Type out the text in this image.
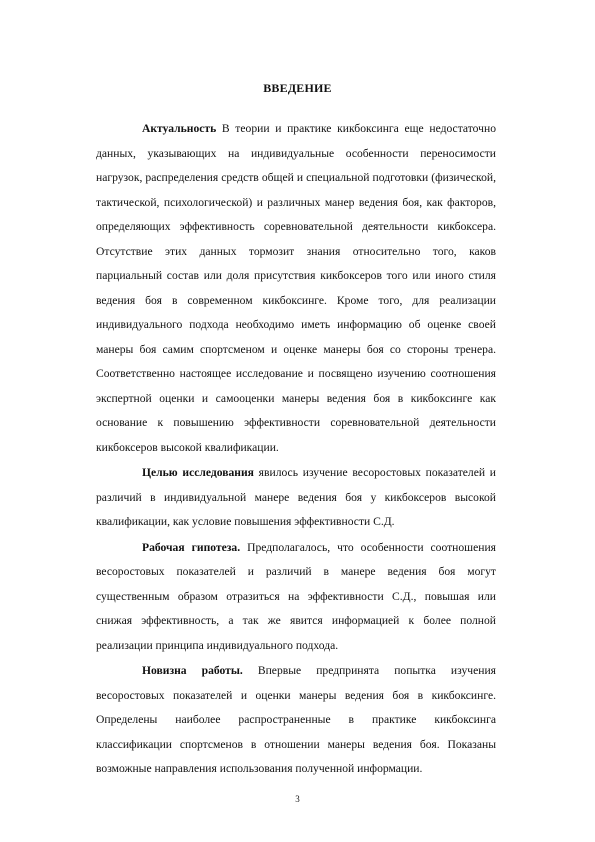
ВВЕДЕНИЕ

Актуальность В теории и практике кикбоксинга еще недостаточно данных, указывающих на индивидуальные особенности переносимости нагрузок, распределения средств общей и специальной подготовки (физической, тактической, психологической) и различных манер ведения боя, как факторов, определяющих эффективность соревновательной деятельности кикбоксера. Отсутствие этих данных тормозит знания относительно того, каков парциальный состав или доля присутствия кикбоксеров того или иного стиля ведения боя в современном кикбоксинге. Кроме того, для реализации индивидуального подхода необходимо иметь информацию об оценке своей манеры боя самим спортсменом и оценке манеры боя со стороны тренера. Соответственно настоящее исследование и посвящено изучению соотношения экспертной оценки и самооценки манеры ведения боя в кикбоксинге как основание к повышению эффективности соревновательной деятельности кикбоксеров высокой квалификации.

Целью исследования явилось изучение весоростовых показателей и различий в индивидуальной манере ведения боя у кикбоксеров высокой квалификации, как условие повышения эффективности С.Д.

Рабочая гипотеза. Предполагалось, что особенности соотношения весоростовых показателей и различий в манере ведения боя могут существенным образом отразиться на эффективности С.Д., повышая или снижая эффективность, а так же явится информацией к более полной реализации принципа индивидуального подхода.

Новизна работы. Впервые предпринята попытка изучения весоростовых показателей и оценки манеры ведения боя в кикбоксинге. Определены наиболее распространенные в практике кикбоксинга классификации спортсменов в отношении манеры ведения боя. Показаны возможные направления использования полученной информации.

3
